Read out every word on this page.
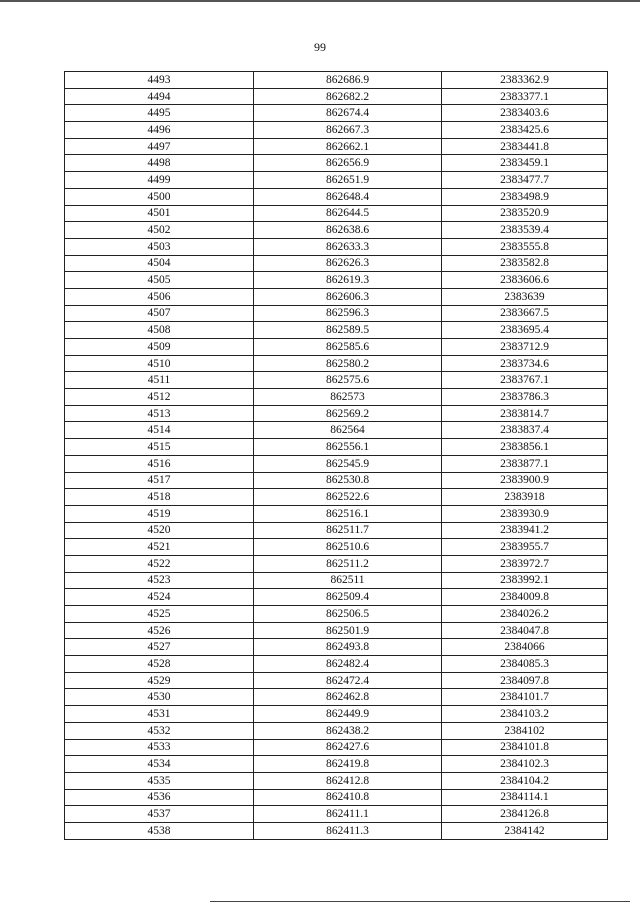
99
4493	862686.9	2383362.9
4494	862682.2	2383377.1
4495	862674.4	2383403.6
4496	862667.3	2383425.6
4497	862662.1	2383441.8
4498	862656.9	2383459.1
4499	862651.9	2383477.7
4500	862648.4	2383498.9
4501	862644.5	2383520.9
4502	862638.6	2383539.4
4503	862633.3	2383555.8
4504	862626.3	2383582.8
4505	862619.3	2383606.6
4506	862606.3	2383639
4507	862596.3	2383667.5
4508	862589.5	2383695.4
4509	862585.6	2383712.9
4510	862580.2	2383734.6
4511	862575.6	2383767.1
4512	862573	2383786.3
4513	862569.2	2383814.7
4514	862564	2383837.4
4515	862556.1	2383856.1
4516	862545.9	2383877.1
4517	862530.8	2383900.9
4518	862522.6	2383918
4519	862516.1	2383930.9
4520	862511.7	2383941.2
4521	862510.6	2383955.7
4522	862511.2	2383972.7
4523	862511	2383992.1
4524	862509.4	2384009.8
4525	862506.5	2384026.2
4526	862501.9	2384047.8
4527	862493.8	2384066
4528	862482.4	2384085.3
4529	862472.4	2384097.8
4530	862462.8	2384101.7
4531	862449.9	2384103.2
4532	862438.2	2384102
4533	862427.6	2384101.8
4534	862419.8	2384102.3
4535	862412.8	2384104.2
4536	862410.8	2384114.1
4537	862411.1	2384126.8
4538	862411.3	2384142
